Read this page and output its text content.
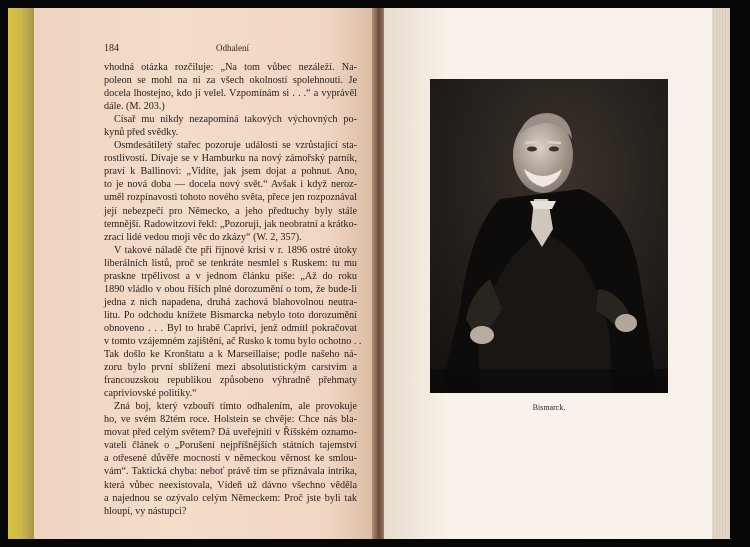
184	Odhalení
vhodná otázka rozčiluje: „Na tom vůbec nezáleží. Na-
poleon se mohl na ni za všech okolností spolehnouti. Je
docela lhostejno, kdo jí velel. Vzpomínám si . . .“ a vyprávěl
dále. (M. 203.)
Císař mu nikdy nezapomíná takových výchovných po-
kynů před svědky.
Osmdesátiletý stařec pozoruje události se vzrůstající sta-
rostlivostí. Dívaje se v Hamburku na nový zámořský parník,
praví k Ballinovi: „Vidíte, jak jsem dojat a pohnut. Ano,
to je nová doba — docela nový svět.“ Avšak i když neroz-
uměl rozpínavosti tohoto nového světa, přece jen rozpoznával
její nebezpečí pro Německo, a jeho předtuchy byly stále
temnější. Radowitzovi řekl: „Pozoruji, jak neobratní a krátko-
zrací lidé vedou moji věc do zkázy“ (W. 2, 357).
V takové náladě čte při říjnové krisi v r. 1896 ostré útoky
liberálních listů, proč se tenkráte nesmlel s Ruskem: tu mu
praskne trpělivost a v jednom článku píše: „Až do roku
1890 vládlo v obou říších plné dorozumění o tom, že bude-li
jedna z nich napadena, druhá zachová blahovolnou neutra-
litu. Po odchodu knížete Bismarcka nebylo toto dorozumění
obnoveno . . . Byl to hrabě Caprivi, jenž odmítl pokračovat
v tomto vzájemném zajištění, ač Rusko k tomu bylo ochotno . .
Tak došlo ke Kronštatu a k Marseillaise; podle našeho ná-
zoru bylo první sblížení mezi absolutistickým carstvím a
francouzskou republikou způsobeno výhradně přehmaty
capriviovské politiky.“
Zná boj, který vzbouří tímto odhalením, ale provokuje
ho, ve svém 82tém roce. Holstein se chvěje: Chce nás bla-
movat před celým světem? Dá uveřejniti v Říšském oznamo-
vateli článek o „Porušení nejpříšnějších státních tajemství
a otřesené důvěře mocností v německou věrnost ke smlou-
vám“. Taktická chyba: neboť právě tím se přiznávala intrika,
která vůbec neexistovala, Vídeň už dávno všechno věděla
a najednou se ozývalo celým Německem: Proč jste byli tak
hloupí, vy nástupci?
Bismarck.
